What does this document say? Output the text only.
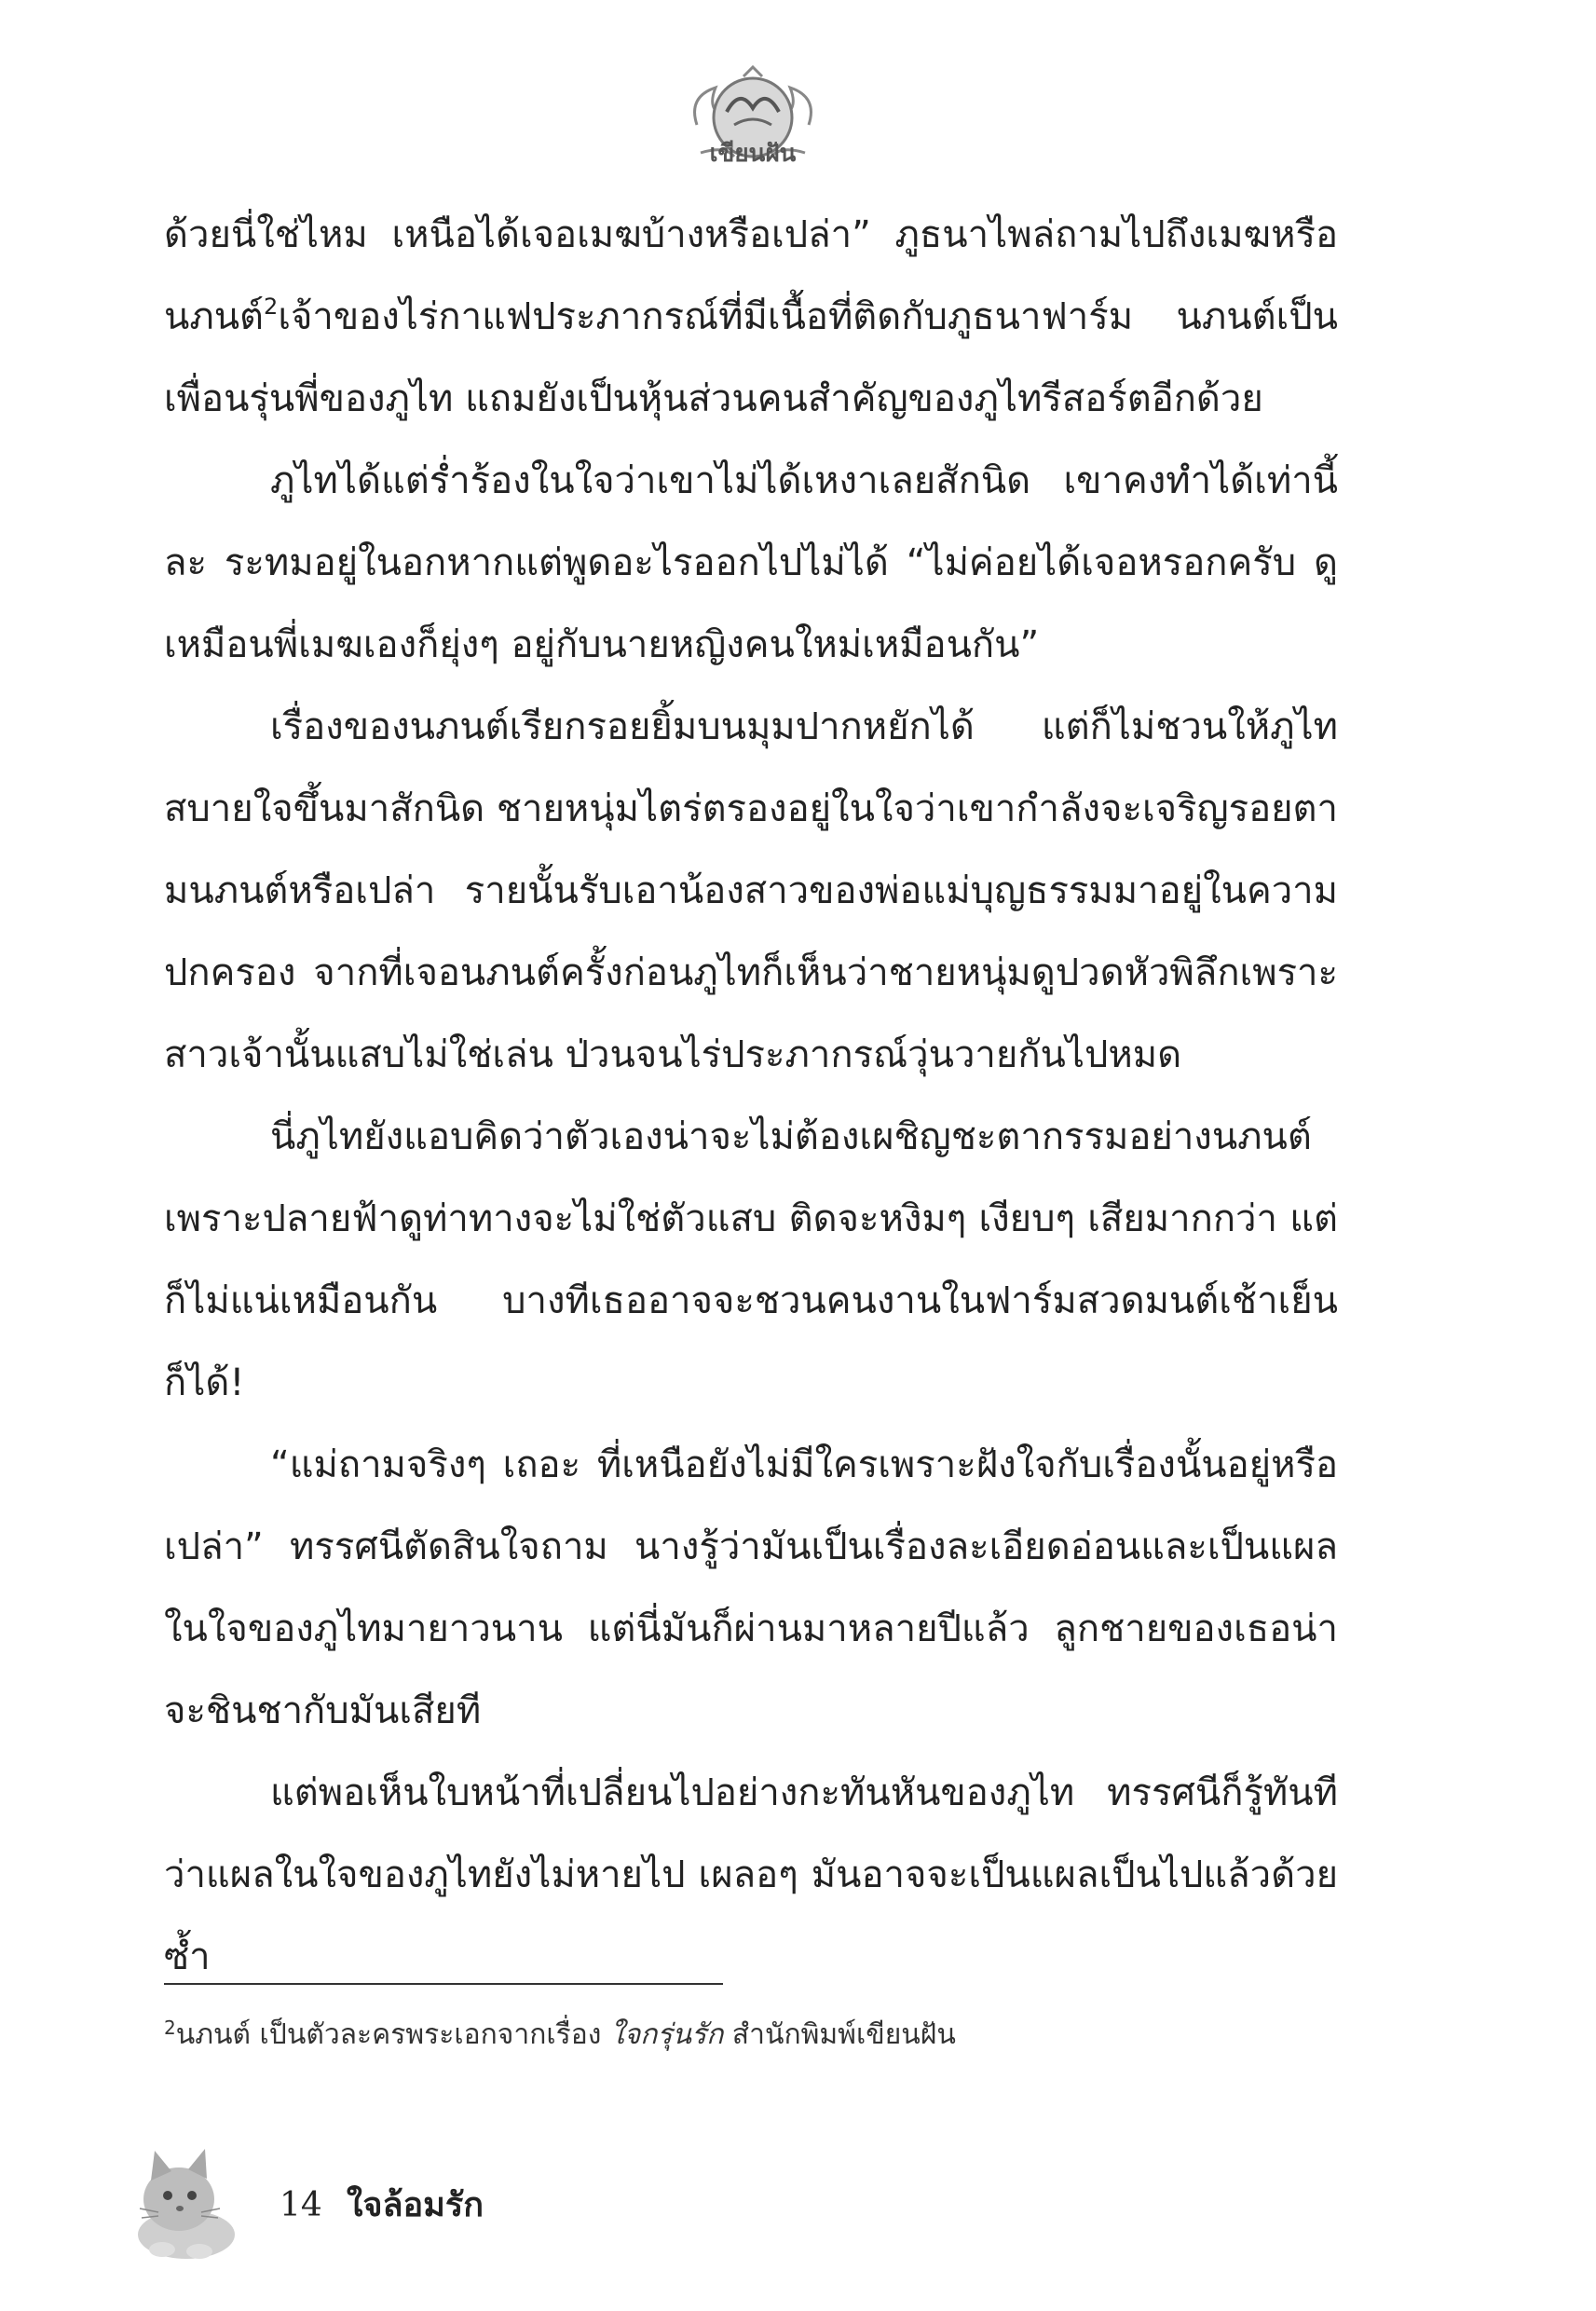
เขียนฝัน

ด้วยนี่ใช่ไหม เหนือได้เจอเมฆบ้างหรือเปล่า” ภูธนาไพล่ถามไปถึงเมฆหรือนภนต์$^2$เจ้าของไร่กาแฟประภากรณ์ที่มีเนื้อที่ติดกับภูธนาฟาร์ม นภนต์เป็นเพื่อนรุ่นพี่ของภูไท แถมยังเป็นหุ้นส่วนคนสำคัญของภูไทรีสอร์ตอีกด้วย

ภูไทได้แต่ร่ำร้องในใจว่าเขาไม่ได้เหงาเลยสักนิด เขาคงทำได้เท่านี้ละ ระทมอยู่ในอกหากแต่พูดอะไรออกไปไม่ได้ “ไม่ค่อยได้เจอหรอกครับ ดูเหมือนพี่เมฆเองก็ยุ่งๆ อยู่กับนายหญิงคนใหม่เหมือนกัน”

เรื่องของนภนต์เรียกรอยยิ้มบนมุมปากหยักได้ แต่ก็ไม่ชวนให้ภูไทสบายใจขึ้นมาสักนิด ชายหนุ่มไตร่ตรองอยู่ในใจว่าเขากำลังจะเจริญรอยตามนภนต์หรือเปล่า รายนั้นรับเอาน้องสาวของพ่อแม่บุญธรรมมาอยู่ในความปกครอง จากที่เจอนภนต์ครั้งก่อนภูไทก็เห็นว่าชายหนุ่มดูปวดหัวพิลึกเพราะสาวเจ้านั้นแสบไม่ใช่เล่น ป่วนจนไร่ประภากรณ์วุ่นวายกันไปหมด

นี่ภูไทยังแอบคิดว่าตัวเองน่าจะไม่ต้องเผชิญชะตากรรมอย่างนภนต์ เพราะปลายฟ้าดูท่าทางจะไม่ใช่ตัวแสบ ติดจะหงิมๆ เงียบๆ เสียมากกว่า แต่ก็ไม่แน่เหมือนกัน บางทีเธออาจจะชวนคนงานในฟาร์มสวดมนต์เช้าเย็นก็ได้!

“แม่ถามจริงๆ เถอะ ที่เหนือยังไม่มีใครเพราะฝังใจกับเรื่องนั้นอยู่หรือเปล่า” ทรรศนีตัดสินใจถาม นางรู้ว่ามันเป็นเรื่องละเอียดอ่อนและเป็นแผลในใจของภูไทมายาวนาน แต่นี่มันก็ผ่านมาหลายปีแล้ว ลูกชายของเธอน่าจะชินชากับมันเสียที

แต่พอเห็นใบหน้าที่เปลี่ยนไปอย่างกะทันหันของภูไท ทรรศนีก็รู้ทันทีว่าแผลในใจของภูไทยังไม่หายไป เผลอๆ มันอาจจะเป็นแผลเป็นไปแล้วด้วยซ้ำ

$^2$นภนต์ เป็นตัวละครพระเอกจากเรื่อง ใจกรุ่นรัก สำนักพิมพ์เขียนฝัน
14 ใจล้อมรัก
